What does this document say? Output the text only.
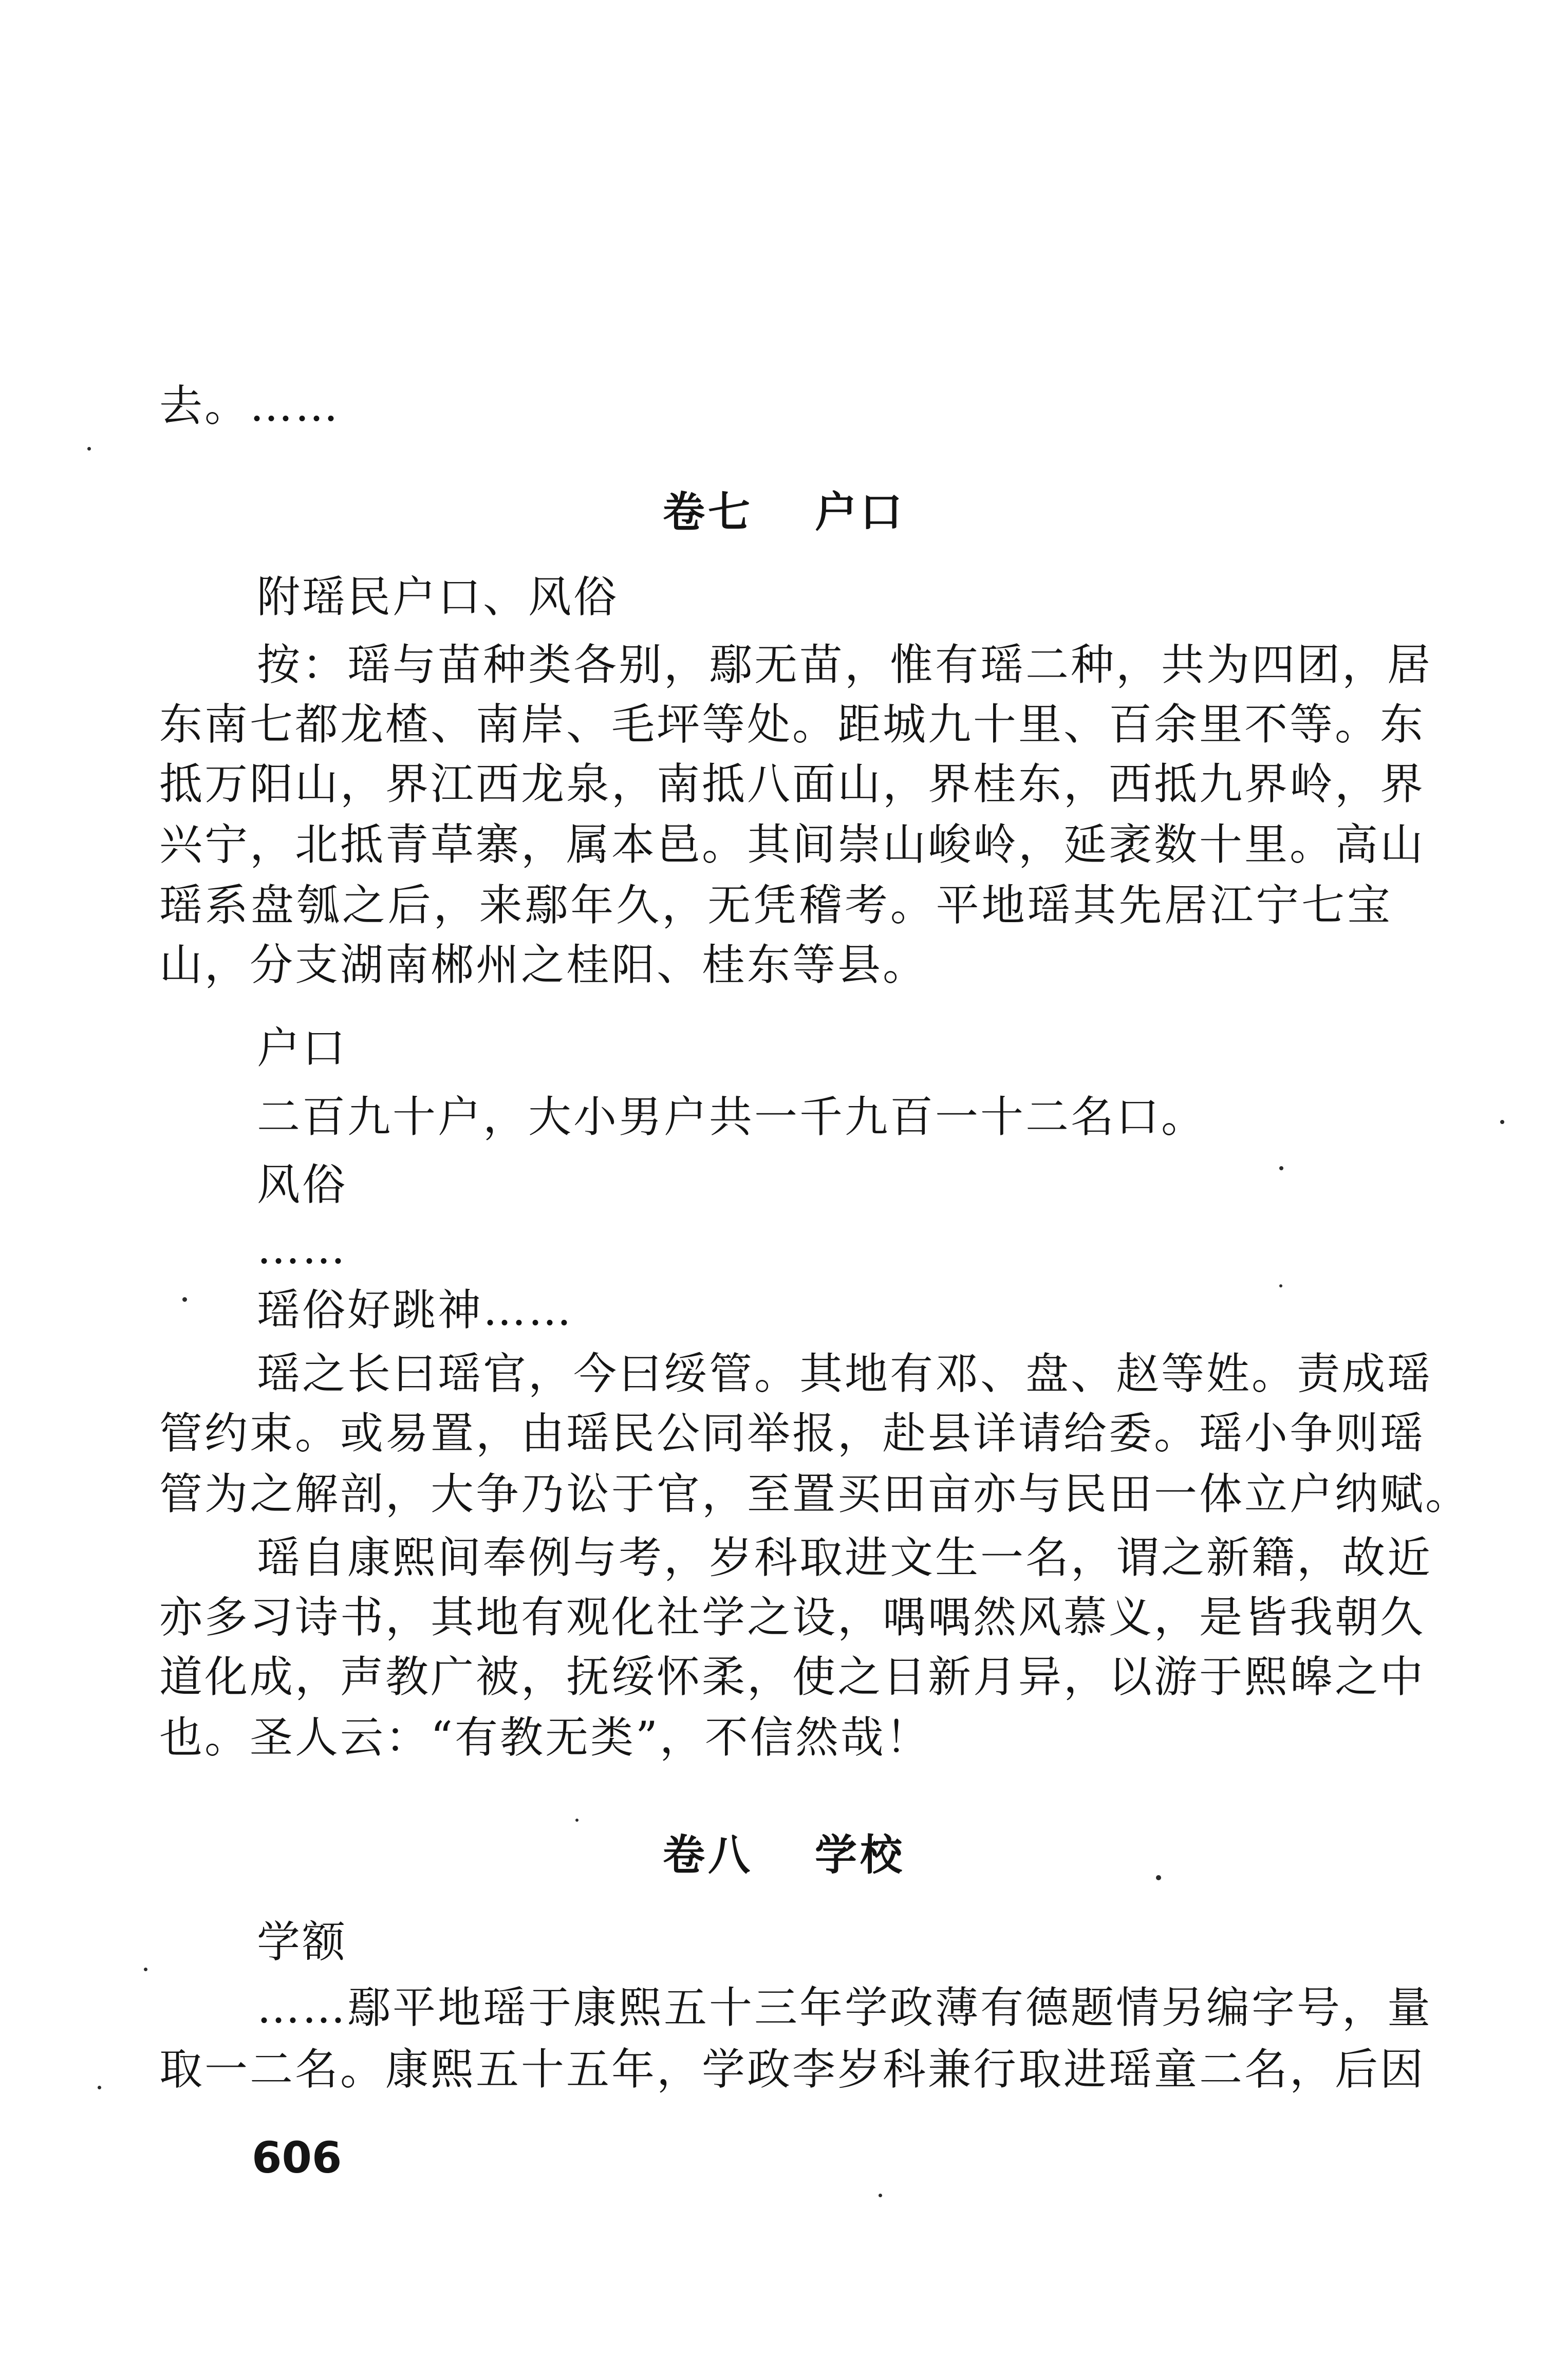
去。……
卷七 户口
附瑶民户口、风俗
按：瑶与苗种类各别，鄢无苗，惟有瑶二种，共为四团，居
东南七都龙楂、南岸、毛坪等处。距城九十里、百余里不等。东
抵万阳山，界江西龙泉，南抵八面山，界桂东，西抵九界岭，界
兴宁，北抵青草寨，属本邑。其间崇山峻岭，延袤数十里。高山
瑶系盘瓠之后，来鄢年久，无凭稽考。平地瑶其先居江宁七宝
山，分支湖南郴州之桂阳、桂东等县。
户口
二百九十户，大小男户共一千九百一十二名口。
风俗
……
瑶俗好跳神……
瑶之长曰瑶官，今曰绥管。其地有邓、盘、赵等姓。责成瑶
管约束。或易置，由瑶民公同举报，赴县详请给委。瑶小争则瑶
管为之解剖，大争乃讼于官，至置买田亩亦与民田一体立户纳赋。
瑶自康熙间奉例与考，岁科取进文生一名，谓之新籍，故近
亦多习诗书，其地有观化社学之设，喁喁然风慕义，是皆我朝久
道化成，声教广被，抚绥怀柔，使之日新月异，以游于熙皞之中
也。圣人云：“有教无类”，不信然哉！
卷八 学校
学额
……鄢平地瑶于康熙五十三年学政薄有德题情另编字号，量
取一二名。康熙五十五年，学政李岁科兼行取进瑶童二名，后因
606
